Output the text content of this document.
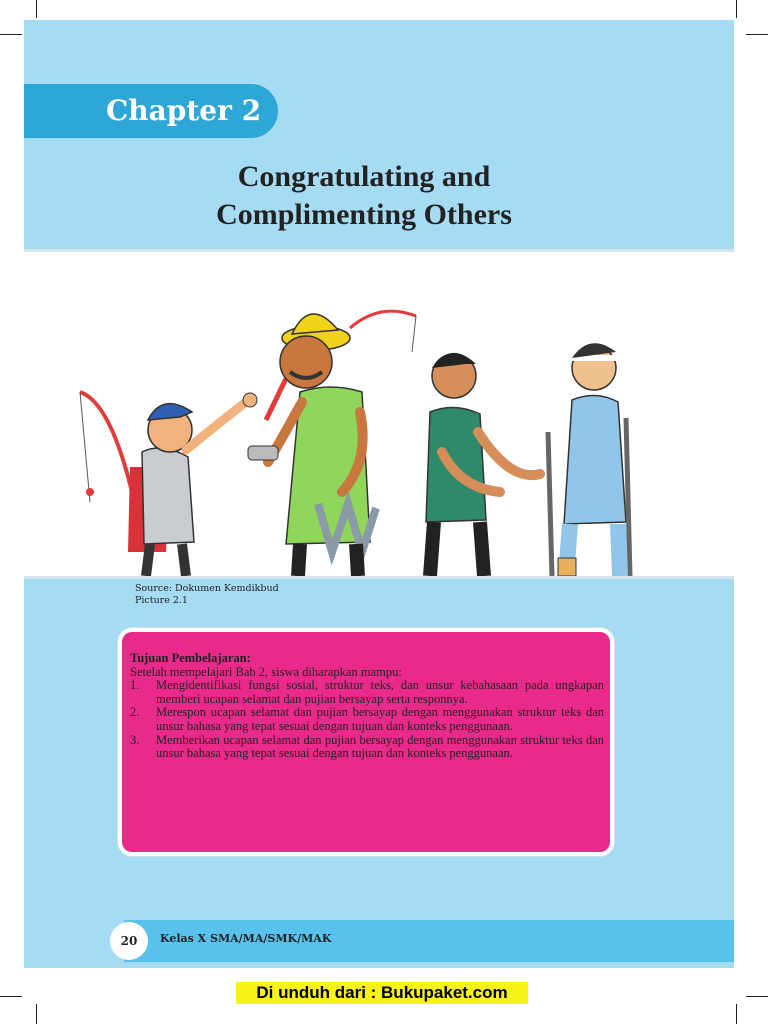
Chapter 2
Congratulating and
Complimenting Others
Source: Dokumen Kemdikbud
Picture 2.1
Tujuan Pembelajaran:
Setelah mempelajari Bab 2, siswa diharapkan mampu:
1. Mengidentifikasi fungsi sosial, struktur teks, dan unsur kebahasaan pada ungkapan memberi ucapan selamat dan pujian bersayap serta responnya.
2. Merespon ucapan selamat dan pujian bersayap dengan menggunakan struktur teks dan unsur bahasa yang tepat sesuai dengan tujuan dan konteks penggunaan.
3. Memberikan ucapan selamat dan pujian bersayap dengan menggunakan struktur teks dan unsur bahasa yang tepat sesuai dengan tujuan dan konteks penggunaan.
20	Kelas X SMA/MA/SMK/MAK
Di unduh dari : Bukupaket.com
